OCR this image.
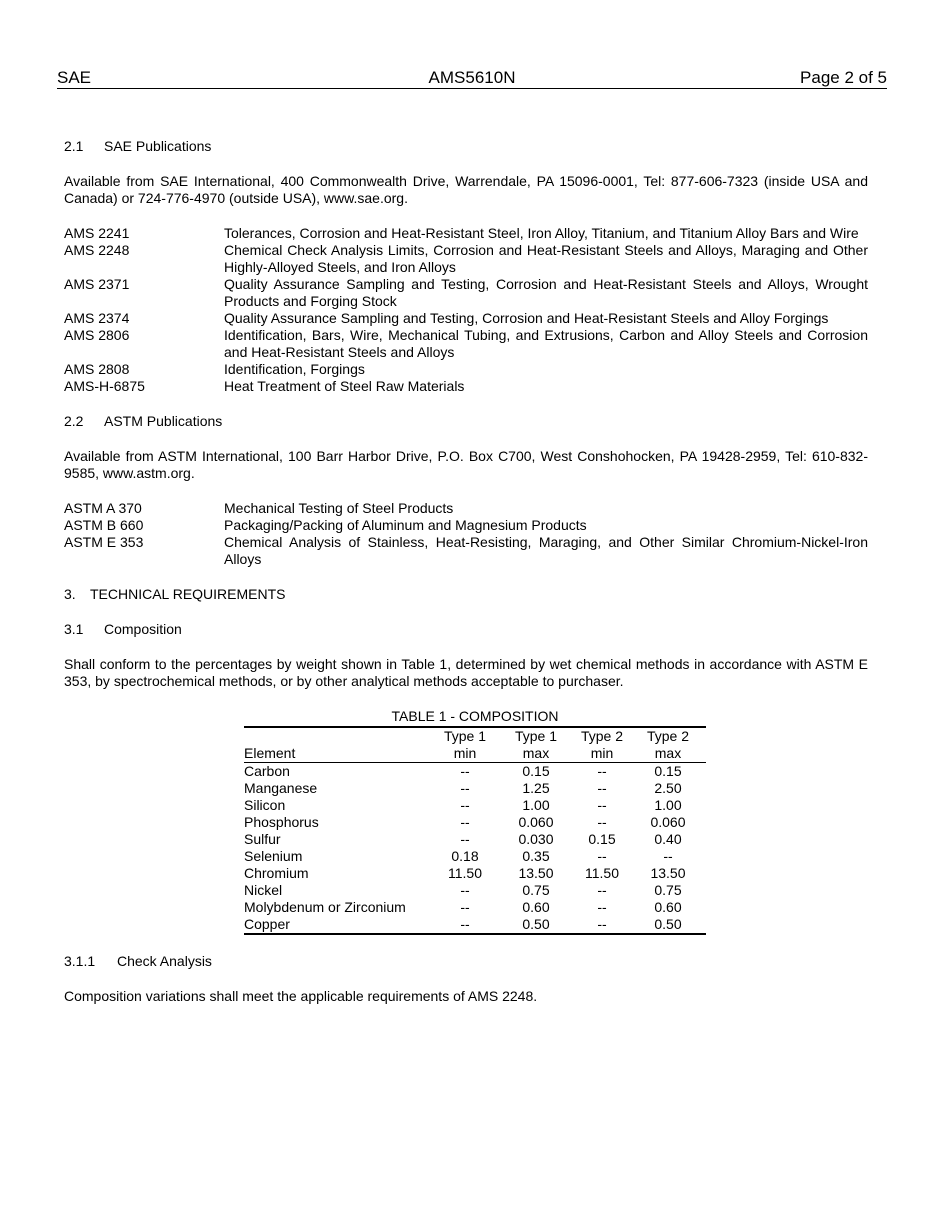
SAE	AMS5610N	Page 2 of 5
2.1 SAE Publications

Available from SAE International, 400 Commonwealth Drive, Warrendale, PA 15096-0001, Tel: 877-606-7323 (inside USA and Canada) or 724-776-4970 (outside USA), www.sae.org.

AMS 2241	Tolerances, Corrosion and Heat-Resistant Steel, Iron Alloy, Titanium, and Titanium Alloy Bars and Wire
AMS 2248	Chemical Check Analysis Limits, Corrosion and Heat-Resistant Steels and Alloys, Maraging and Other Highly-Alloyed Steels, and Iron Alloys
AMS 2371	Quality Assurance Sampling and Testing, Corrosion and Heat-Resistant Steels and Alloys, Wrought Products and Forging Stock
AMS 2374	Quality Assurance Sampling and Testing, Corrosion and Heat-Resistant Steels and Alloy Forgings
AMS 2806	Identification, Bars, Wire, Mechanical Tubing, and Extrusions, Carbon and Alloy Steels and Corrosion and Heat-Resistant Steels and Alloys
AMS 2808	Identification, Forgings
AMS-H-6875	Heat Treatment of Steel Raw Materials
2.2 ASTM Publications

Available from ASTM International, 100 Barr Harbor Drive, P.O. Box C700, West Conshohocken, PA 19428-2959, Tel: 610-832-9585, www.astm.org.

ASTM A 370	Mechanical Testing of Steel Products
ASTM B 660	Packaging/Packing of Aluminum and Magnesium Products
ASTM E 353	Chemical Analysis of Stainless, Heat-Resisting, Maraging, and Other Similar Chromium-Nickel-Iron Alloys
3. TECHNICAL REQUIREMENTS
3.1 Composition

Shall conform to the percentages by weight shown in Table 1, determined by wet chemical methods in accordance with ASTM E 353, by spectrochemical methods, or by other analytical methods acceptable to purchaser.

TABLE 1 - COMPOSITION
	Type 1	Type 1	Type 2	Type 2
Element	min	max	min	max
Carbon	--	0.15	--	0.15
Manganese	--	1.25	--	2.50
Silicon	--	1.00	--	1.00
Phosphorus	--	0.060	--	0.060
Sulfur	--	0.030	0.15	0.40
Selenium	0.18	0.35	--	--
Chromium	11.50	13.50	11.50	13.50
Nickel	--	0.75	--	0.75
Molybdenum or Zirconium	--	0.60	--	0.60
Copper	--	0.50	--	0.50
3.1.1 Check Analysis

Composition variations shall meet the applicable requirements of AMS 2248.
